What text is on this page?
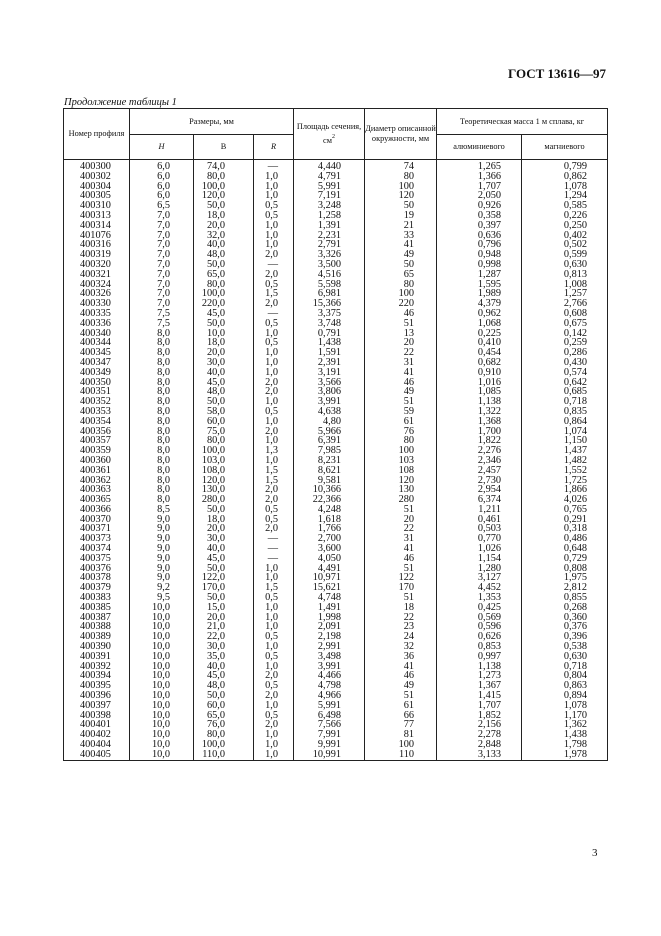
ГОСТ 13616—97
Продолжение таблицы 1
Номер профиля	Размеры, мм			Площадь сечения, $см^2$	Диаметр описанной окружности, мм	Теоретическая масса 1 м сплава, кг	
	H	B	R			алюминиевого	магниевого
400300	6,0	74,0	—	4,440	74	1,265	0,799
400302	6,0	80,0	1,0	4,791	80	1,366	0,862
400304	6,0	100,0	1,0	5,991	100	1,707	1,078
400305	6,0	120,0	1,0	7,191	120	2,050	1,294
400310	6,5	50,0	0,5	3,248	50	0,926	0,585
400313	7,0	18,0	0,5	1,258	19	0,358	0,226
400314	7,0	20,0	1,0	1,391	21	0,397	0,250
401076	7,0	32,0	1,0	2,231	33	0,636	0,402
400316	7,0	40,0	1,0	2,791	41	0,796	0,502
400319	7,0	48,0	2,0	3,326	49	0,948	0,599
400320	7,0	50,0	—	3,500	50	0,998	0,630
400321	7,0	65,0	2,0	4,516	65	1,287	0,813
400324	7,0	80,0	0,5	5,598	80	1,595	1,008
400326	7,0	100,0	1,5	6,981	100	1,989	1,257
400330	7,0	220,0	2,0	15,366	220	4,379	2,766
400335	7,5	45,0	—	3,375	46	0,962	0,608
400336	7,5	50,0	0,5	3,748	51	1,068	0,675
400340	8,0	10,0	1,0	0,791	13	0,225	0,142
400344	8,0	18,0	0,5	1,438	20	0,410	0,259
400345	8,0	20,0	1,0	1,591	22	0,454	0,286
400347	8,0	30,0	1,0	2,391	31	0,682	0,430
400349	8,0	40,0	1,0	3,191	41	0,910	0,574
400350	8,0	45,0	2,0	3,566	46	1,016	0,642
400351	8,0	48,0	2,0	3,806	49	1,085	0,685
400352	8,0	50,0	1,0	3,991	51	1,138	0,718
400353	8,0	58,0	0,5	4,638	59	1,322	0,835
400354	8,0	60,0	1,0	4,80	61	1,368	0,864
400356	8,0	75,0	2,0	5,966	76	1,700	1,074
400357	8,0	80,0	1,0	6,391	80	1,822	1,150
400359	8,0	100,0	1,3	7,985	100	2,276	1,437
400360	8,0	103,0	1,0	8,231	103	2,346	1,482
400361	8,0	108,0	1,5	8,621	108	2,457	1,552
400362	8,0	120,0	1,5	9,581	120	2,730	1,725
400363	8,0	130,0	2,0	10,366	130	2,954	1,866
400365	8,0	280,0	2,0	22,366	280	6,374	4,026
400366	8,5	50,0	0,5	4,248	51	1,211	0,765
400370	9,0	18,0	0,5	1,618	20	0,461	0,291
400371	9,0	20,0	2,0	1,766	22	0,503	0,318
400373	9,0	30,0	—	2,700	31	0,770	0,486
400374	9,0	40,0	—	3,600	41	1,026	0,648
400375	9,0	45,0	—	4,050	46	1,154	0,729
400376	9,0	50,0	1,0	4,491	51	1,280	0,808
400378	9,0	122,0	1,0	10,971	122	3,127	1,975
400379	9,2	170,0	1,5	15,621	170	4,452	2,812
400383	9,5	50,0	0,5	4,748	51	1,353	0,855
400385	10,0	15,0	1,0	1,491	18	0,425	0,268
400387	10,0	20,0	1,0	1,998	22	0,569	0,360
400388	10,0	21,0	1,0	2,091	23	0,596	0,376
400389	10,0	22,0	0,5	2,198	24	0,626	0,396
400390	10,0	30,0	1,0	2,991	32	0,853	0,538
400391	10,0	35,0	0,5	3,498	36	0,997	0,630
400392	10,0	40,0	1,0	3,991	41	1,138	0,718
400394	10,0	45,0	2,0	4,466	46	1,273	0,804
400395	10,0	48,0	0,5	4,798	49	1,367	0,863
400396	10,0	50,0	2,0	4,966	51	1,415	0,894
400397	10,0	60,0	1,0	5,991	61	1,707	1,078
400398	10,0	65,0	0,5	6,498	66	1,852	1,170
400401	10,0	76,0	2,0	7,566	77	2,156	1,362
400402	10,0	80,0	1,0	7,991	81	2,278	1,438
400404	10,0	100,0	1,0	9,991	100	2,848	1,798
400405	10,0	110,0	1,0	10,991	110	3,133	1,978
3
